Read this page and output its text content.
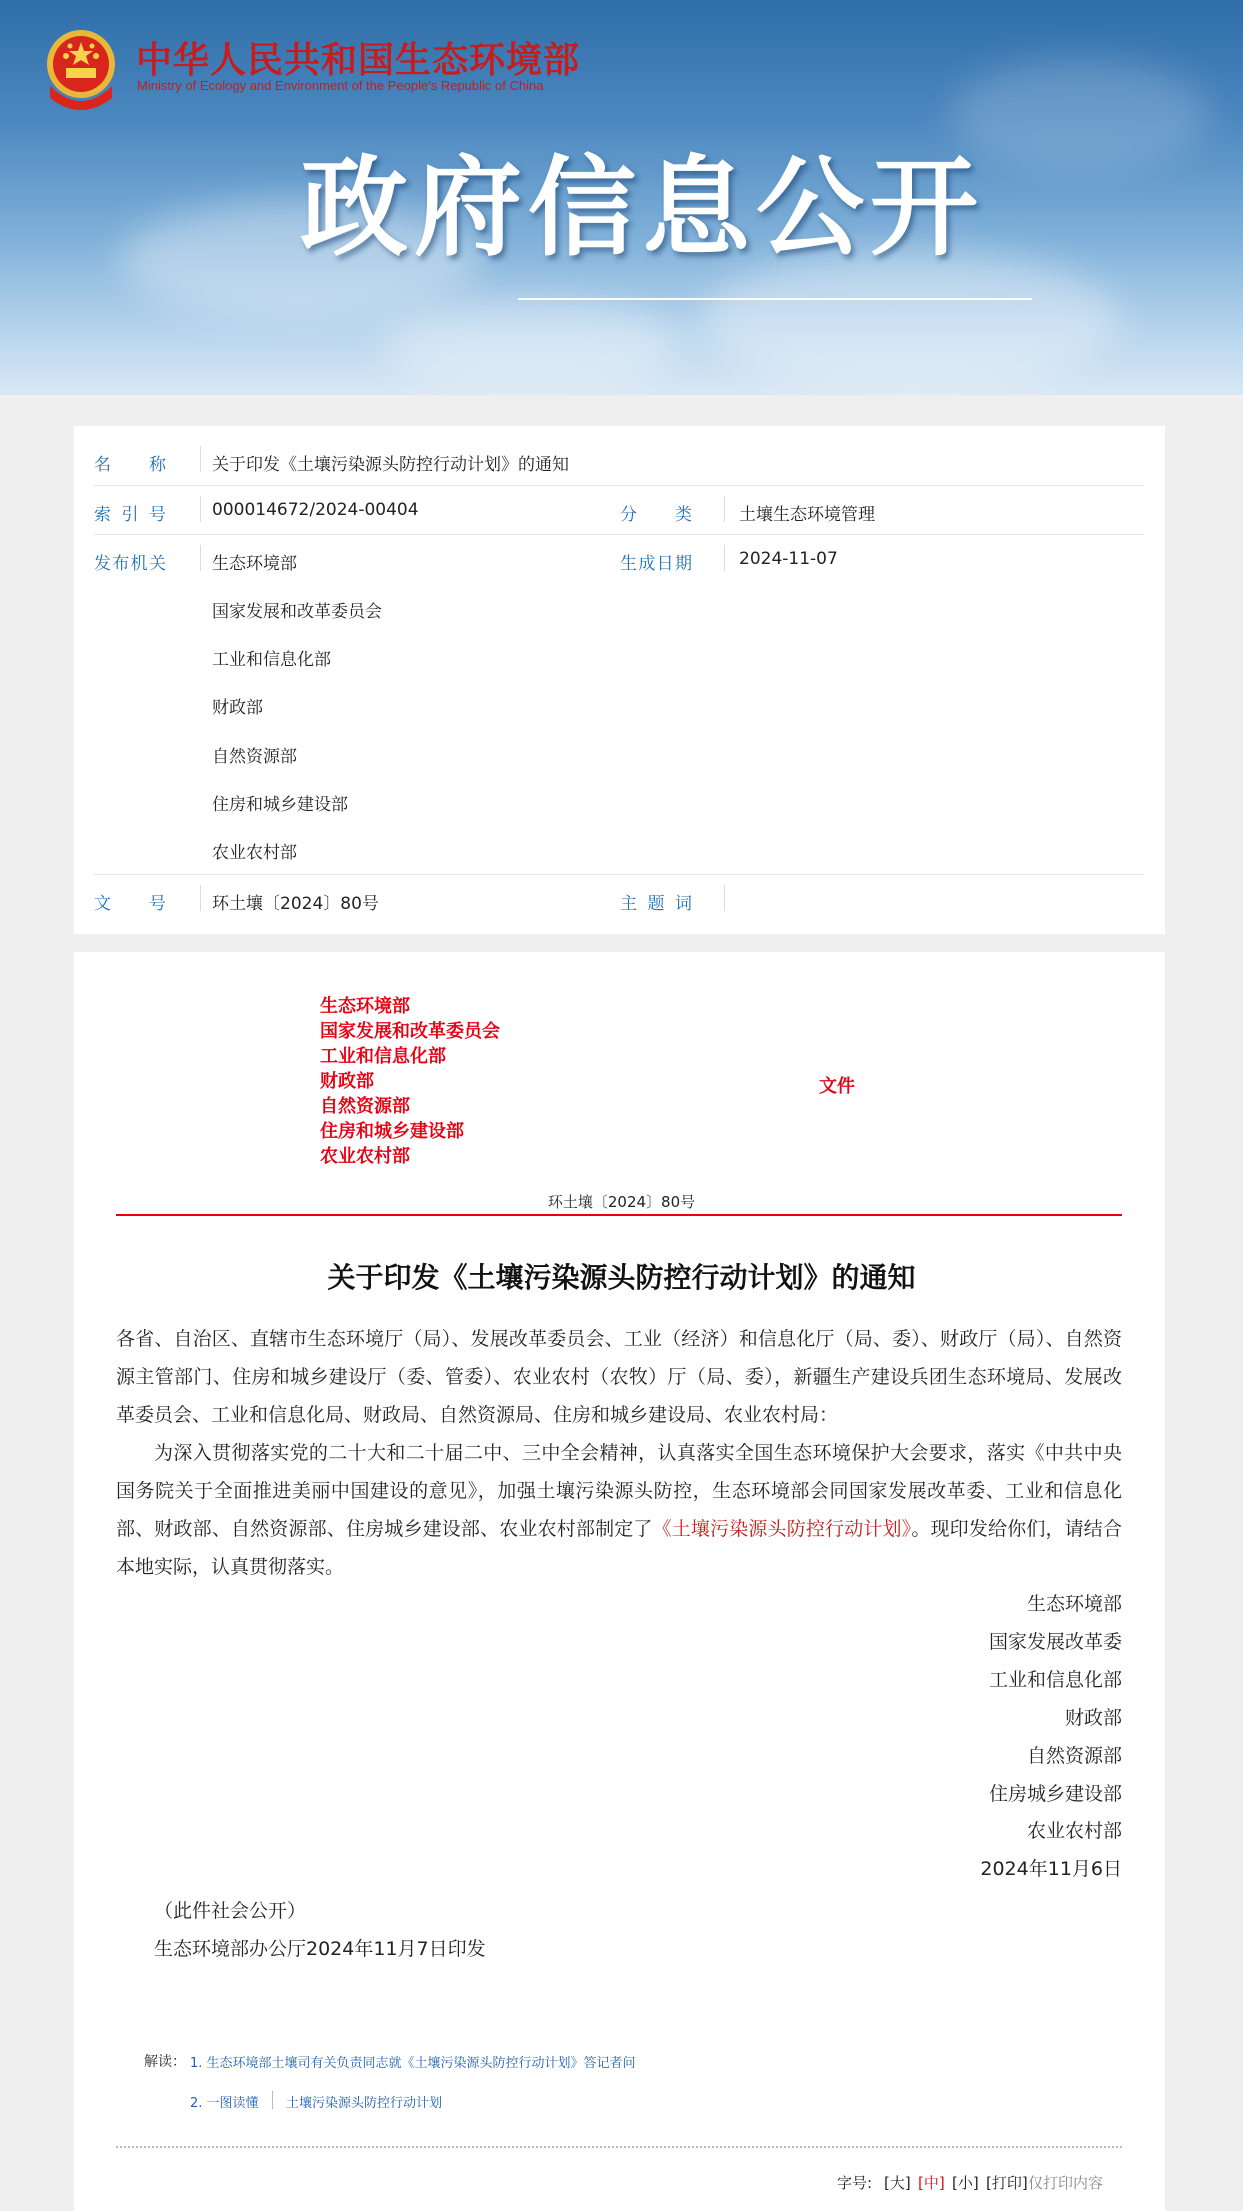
中华人民共和国生态环境部
Ministry of Ecology and Environment of the People's Republic of China
政府信息公开
名　称	关于印发《土壤污染源头防控行动计划》的通知
索 引 号	000014672/2024-00404	分　类	土壤生态环境管理
发布机关	生态环境部
国家发展和改革委员会
工业和信息化部
财政部
自然资源部
住房和城乡建设部
农业农村部
生成日期	2024-11-07
文　号	环土壤〔2024〕80号	主 题 词
生态环境部
国家发展和改革委员会
工业和信息化部
财政部
自然资源部
住房和城乡建设部
农业农村部
文件
环土壤〔2024〕80号
关于印发《土壤污染源头防控行动计划》的通知

各省、自治区、直辖市生态环境厅（局）、发展改革委员会、工业（经济）和信息化厅（局、委）、财政厅（局）、自然资源主管部门、住房和城乡建设厅（委、管委）、农业农村（农牧）厅（局、委），新疆生产建设兵团生态环境局、发展改革委员会、工业和信息化局、财政局、自然资源局、住房和城乡建设局、农业农村局：

为深入贯彻落实党的二十大和二十届二中、三中全会精神，认真落实全国生态环境保护大会要求，落实《中共中央国务院关于全面推进美丽中国建设的意见》，加强土壤污染源头防控，生态环境部会同国家发展改革委、工业和信息化部、财政部、自然资源部、住房城乡建设部、农业农村部制定了《土壤污染源头防控行动计划》。现印发给你们，请结合本地实际，认真贯彻落实。

生态环境部
国家发展改革委
工业和信息化部
财政部
自然资源部
住房城乡建设部
农业农村部
2024年11月6日
（此件社会公开）
生态环境部办公厅2024年11月7日印发
解读： 1. 生态环境部土壤司有关负责同志就《土壤污染源头防控行动计划》答记者问
2. 一图读懂 土壤污染源头防控行动计划
字号: [大] [中] [小] [打印] 仅打印内容
